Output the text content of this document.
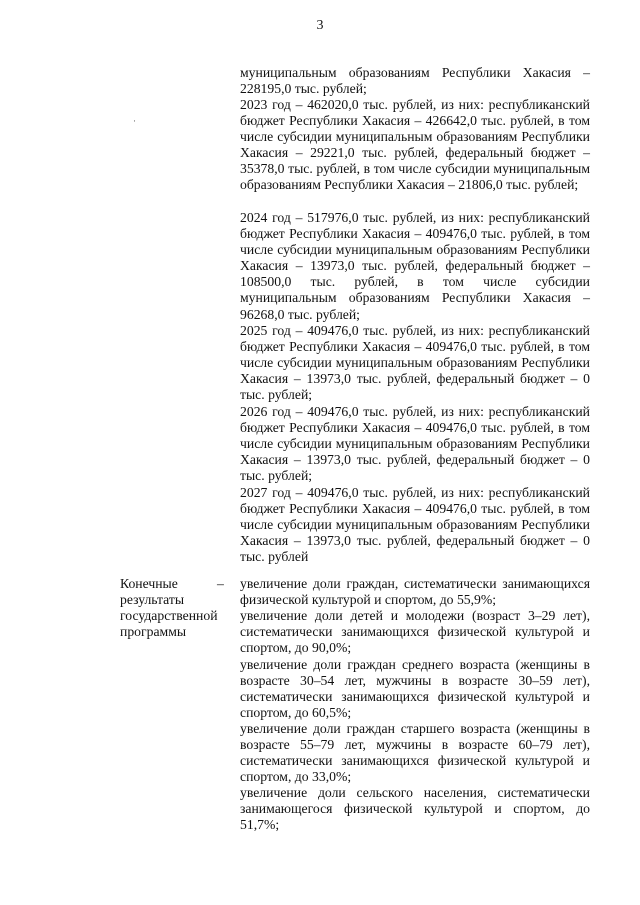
3
·

муниципальным образованиям Республики Хакасия – 228195,0 тыс. рублей;

2023 год – 462020,0 тыс. рублей, из них: республиканский бюджет Республики Хакасия – 426642,0 тыс. рублей, в том числе субсидии муниципальным образованиям Республики Хакасия – 29221,0 тыс. рублей, федеральный бюджет – 35378,0 тыс. рублей, в том числе субсидии муниципальным образованиям Республики Хакасия – 21806,0 тыс. рублей;

2024 год – 517976,0 тыс. рублей, из них: республиканский бюджет Республики Хакасия – 409476,0 тыс. рублей, в том числе субсидии муниципальным образованиям Республики Хакасия – 13973,0 тыс. рублей, федеральный бюджет – 108500,0 тыс. рублей, в том числе субсидии муниципальным образованиям Республики Хакасия – 96268,0 тыс. рублей;

2025 год – 409476,0 тыс. рублей, из них: республиканский бюджет Республики Хакасия – 409476,0 тыс. рублей, в том числе субсидии муниципальным образованиям Республики Хакасия – 13973,0 тыс. рублей, федеральный бюджет – 0 тыс. рублей;

2026 год – 409476,0 тыс. рублей, из них: республиканский бюджет Республики Хакасия – 409476,0 тыс. рублей, в том числе субсидии муниципальным образованиям Республики Хакасия – 13973,0 тыс. рублей, федеральный бюджет – 0 тыс. рублей;

2027 год – 409476,0 тыс. рублей, из них: республиканский бюджет Республики Хакасия – 409476,0 тыс. рублей, в том числе субсидии муниципальным образованиям Республики Хакасия – 13973,0 тыс. рублей, федеральный бюджет – 0 тыс. рублей

Конечные результаты государственной программы
– увеличение доли граждан, систематически занимающихся физической культурой и спортом, до 55,9%;

увеличение доли детей и молодежи (возраст 3–29 лет), систематически занимающихся физической культурой и спортом, до 90,0%;

увеличение доли граждан среднего возраста (женщины в возрасте 30–54 лет, мужчины в возрасте 30–59 лет), систематически занимающихся физической культурой и спортом, до 60,5%;

увеличение доли граждан старшего возраста (женщины в возрасте 55–79 лет, мужчины в возрасте 60–79 лет), систематически занимающихся физической культурой и спортом, до 33,0%;

увеличение доли сельского населения, систематически занимающегося физической культурой и спортом, до 51,7%;
